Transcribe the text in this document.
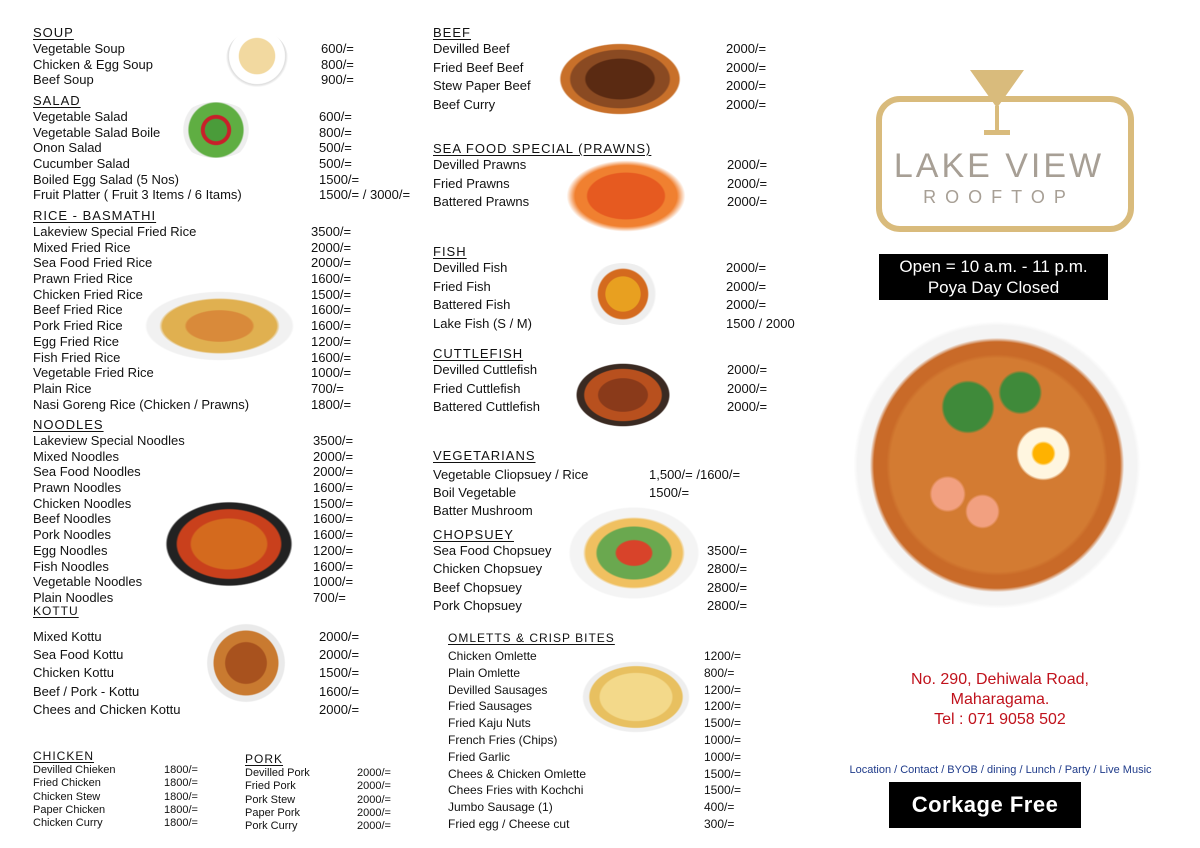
SOUP
Vegetable Soup	600/=
Chicken & Egg Soup	800/=
Beef Soup	900/=
SALAD
Vegetable Salad	600/=
Vegetable Salad Boile	800/=
Onon Salad	500/=
Cucumber Salad	500/=
Boiled Egg Salad (5 Nos)	1500/=
Fruit Platter ( Fruit 3 Items / 6 Itams)	1500/= / 3000/=
RICE - BASMATHI
Lakeview Special Fried Rice	3500/=
Mixed Fried Rice	2000/=
Sea Food Fried Rice	2000/=
Prawn Fried Rice	1600/=
Chicken Fried Rice	1500/=
Beef Fried Rice	1600/=
Pork Fried Rice	1600/=
Egg Fried Rice	1200/=
Fish Fried Rice	1600/=
Vegetable Fried Rice	1000/=
Plain Rice	700/=
Nasi Goreng Rice (Chicken / Prawns)	1800/=
NOODLES
Lakeview Special Noodles	3500/=
Mixed Noodles	2000/=
Sea Food Noodles	2000/=
Prawn Noodles	1600/=
Chicken Noodles	1500/=
Beef Noodles	1600/=
Pork Noodles	1600/=
Egg Noodles	1200/=
Fish Noodles	1600/=
Vegetable Noodles	1000/=
Plain Noodles	700/=
KOTTU
Mixed Kottu	2000/=
Sea Food Kottu	2000/=
Chicken Kottu	1500/=
Beef / Pork - Kottu	1600/=
Chees and Chicken Kottu	2000/=
CHICKEN
Devilled Chieken	1800/=
Fried Chicken	1800/=
Chicken Stew	1800/=
Paper Chicken	1800/=
Chicken Curry	1800/=
PORK
Devilled Pork	2000/=
Fried Pork	2000/=
Pork Stew	2000/=
Paper Pork	2000/=
Pork Curry	2000/=
BEEF
Devilled Beef	2000/=
Fried Beef Beef	2000/=
Stew Paper Beef	2000/=
Beef Curry	2000/=
SEA FOOD SPECIAL (PRAWNS)
Devilled Prawns	2000/=
Fried Prawns	2000/=
Battered Prawns	2000/=
FISH
Devilled Fish	2000/=
Fried Fish	2000/=
Battered Fish	2000/=
Lake Fish (S / M)	1500 / 2000
CUTTLEFISH
Devilled Cuttlefish	2000/=
Fried Cuttlefish	2000/=
Battered Cuttlefish	2000/=
VEGETARIANS
Vegetable Cliopsuey / Rice	1,500/= /1600/=
Boil Vegetable	1500/=
Batter Mushroom
CHOPSUEY
Sea Food Chopsuey	3500/=
Chicken Chopsuey	2800/=
Beef Chopsuey	2800/=
Pork Chopsuey	2800/=
OMLETTS & CRISP BITES
Chicken Omlette	1200/=
Plain Omlette	800/=
Devilled Sausages	1200/=
Fried Sausages	1200/=
Fried Kaju Nuts	1500/=
French Fries (Chips)	1000/=
Fried Garlic	1000/=
Chees & Chicken Omlette	1500/=
Chees Fries with Kochchi	1500/=
Jumbo Sausage (1)	400/=
Fried egg / Cheese cut	300/=
LAKE VIEW
ROOFTOP
Open = 10 a.m. - 11 p.m.
Poya Day Closed
No. 290, Dehiwala Road,
Maharagama.
Tel : 071 9058 502
Location / Contact / BYOB / dining / Lunch / Party / Live Music
Corkage Free
